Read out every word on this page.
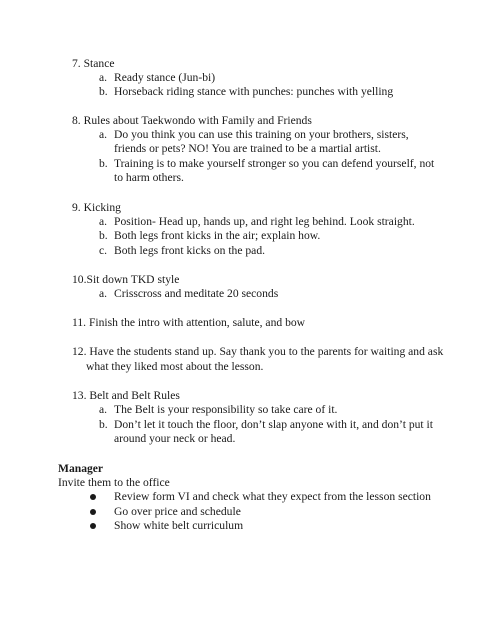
7. Stance
a. Ready stance (Jun-bi)
b. Horseback riding stance with punches: punches with yelling
8. Rules about Taekwondo with Family and Friends
a. Do you think you can use this training on your brothers, sisters,
friends or pets? NO! You are trained to be a martial artist.
b. Training is to make yourself stronger so you can defend yourself, not
to harm others.
9. Kicking
a. Position- Head up, hands up, and right leg behind. Look straight.
b. Both legs front kicks in the air; explain how.
c. Both legs front kicks on the pad.
10.Sit down TKD style
a. Crisscross and meditate 20 seconds
11. Finish the intro with attention, salute, and bow
12. Have the students stand up. Say thank you to the parents for waiting and ask
what they liked most about the lesson.
13. Belt and Belt Rules
a. The Belt is your responsibility so take care of it.
b. Don’t let it touch the floor, don’t slap anyone with it, and don’t put it
around your neck or head.
Manager
Invite them to the office
Review form VI and check what they expect from the lesson section
Go over price and schedule
Show white belt curriculum
